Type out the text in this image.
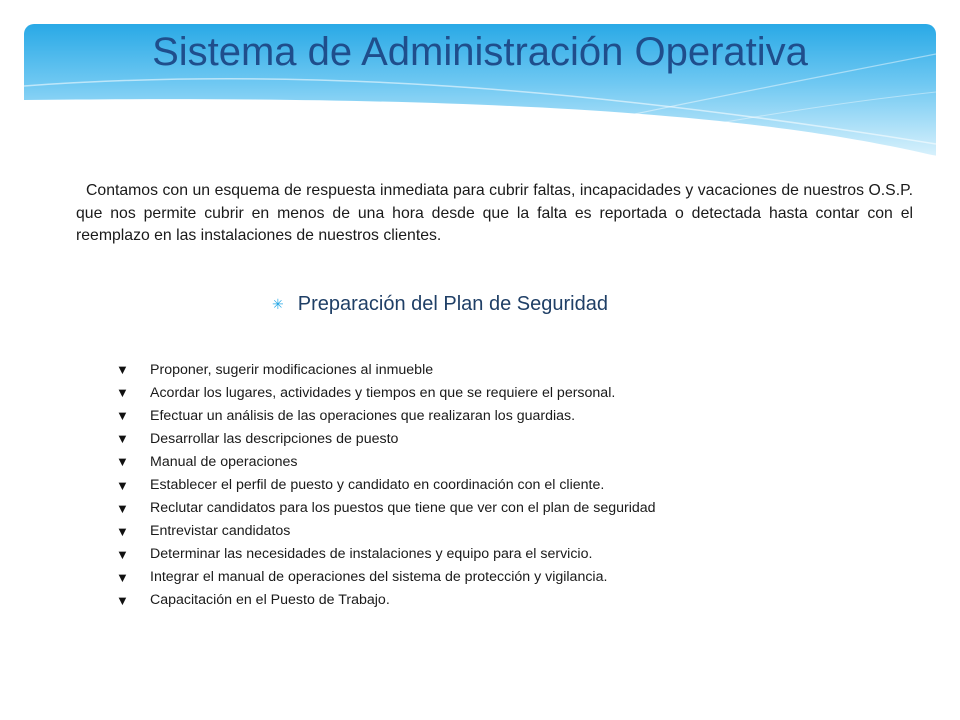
Sistema de Administración Operativa

Contamos con un esquema de respuesta inmediata para cubrir faltas, incapacidades y vacaciones de nuestros O.S.P. que nos permite cubrir en menos de una hora desde que la falta es reportada o detectada hasta contar con el reemplazo en las instalaciones de nuestros clientes.

✳ Preparación del Plan de Seguridad
▼	Proponer, sugerir modificaciones al inmueble
▼	Acordar los lugares, actividades y tiempos en que se requiere el personal.
▼	Efectuar un análisis de las operaciones que realizaran los guardias.
▼	Desarrollar las descripciones de puesto
▼	Manual de operaciones
▼	Establecer el perfil de puesto y candidato en coordinación con el cliente.
▼	Reclutar candidatos para los puestos que tiene que ver con el plan de seguridad
▼	Entrevistar candidatos
▼	Determinar las necesidades de instalaciones y equipo para el servicio.
▼	Integrar el manual de operaciones del sistema de protección y vigilancia.
▼	Capacitación en el Puesto de Trabajo.
